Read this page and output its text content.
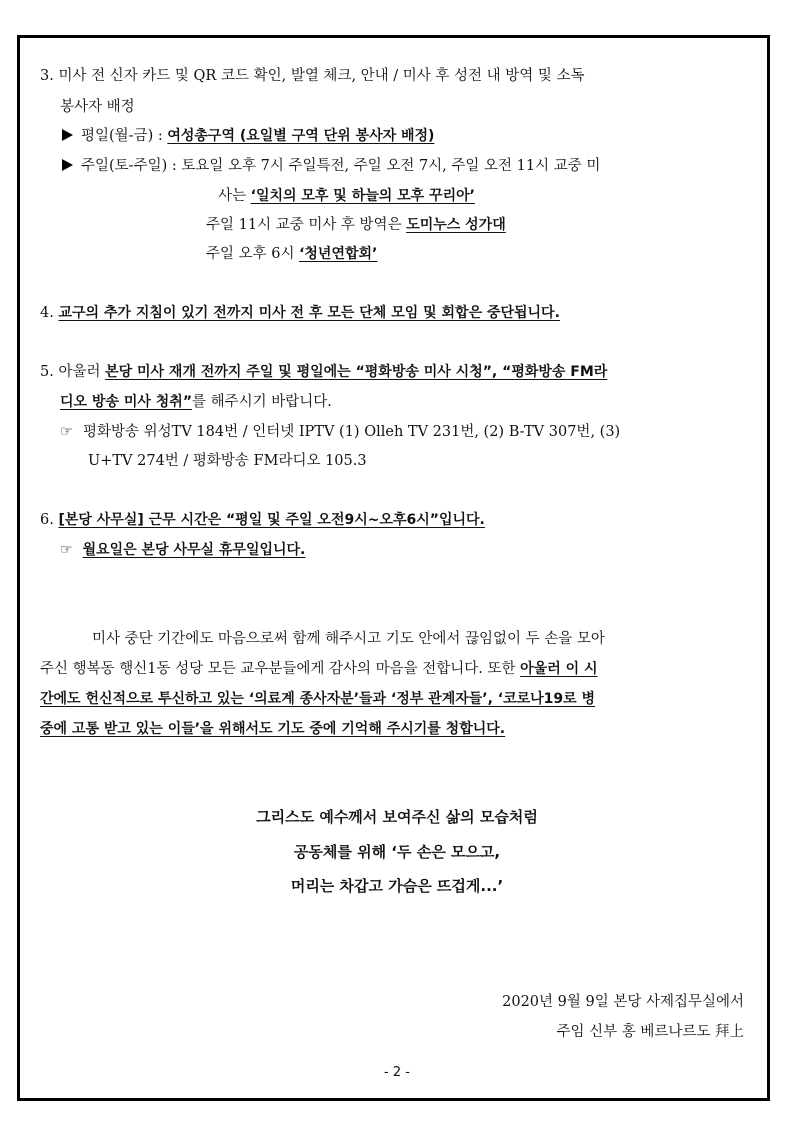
3. 미사 전 신자 카드 및 QR 코드 확인, 발열 체크, 안내 / 미사 후 성전 내 방역 및 소독
봉사자 배정
평일(월-금) : 여성총구역 (요일별 구역 단위 봉사자 배정)
주일(토-주일) : 토요일 오후 7시 주일특전, 주일 오전 7시, 주일 오전 11시 교중 미
사는 ‘일치의 모후 및 하늘의 모후 꾸리아’
주일 11시 교중 미사 후 방역은 도미누스 성가대
주일 오후 6시 ‘청년연합회’
4. 교구의 추가 지침이 있기 전까지 미사 전 후 모든 단체 모임 및 회합은 중단됩니다.
5. 아울러 본당 미사 재개 전까지 주일 및 평일에는 “평화방송 미사 시청”, “평화방송 FM라
디오 방송 미사 청취”를 해주시기 바랍니다.
☞ 평화방송 위성TV 184번 / 인터넷 IPTV (1) Olleh TV 231번, (2) B-TV 307번, (3)
U+TV 274번 / 평화방송 FM라디오 105.3
6. [본당 사무실] 근무 시간은 “평일 및 주일 오전9시~오후6시”입니다.
☞ 월요일은 본당 사무실 휴무일입니다.
미사 중단 기간에도 마음으로써 함께 해주시고 기도 안에서 끊임없이 두 손을 모아
주신 행복동 행신1동 성당 모든 교우분들에게 감사의 마음을 전합니다. 또한 아울러 이 시
간에도 헌신적으로 투신하고 있는 ‘의료계 종사자분’들과 ‘정부 관계자들’, ‘코로나19로 병
중에 고통 받고 있는 이들’을 위해서도 기도 중에 기억해 주시기를 청합니다.
그리스도 예수께서 보여주신 삶의 모습처럼
공동체를 위해 ‘두 손은 모으고,
머리는 차갑고 가슴은 뜨겁게...’
2020년 9월 9일 본당 사제집무실에서
주임 신부 홍 베르나르도 拜上
- 2 -
